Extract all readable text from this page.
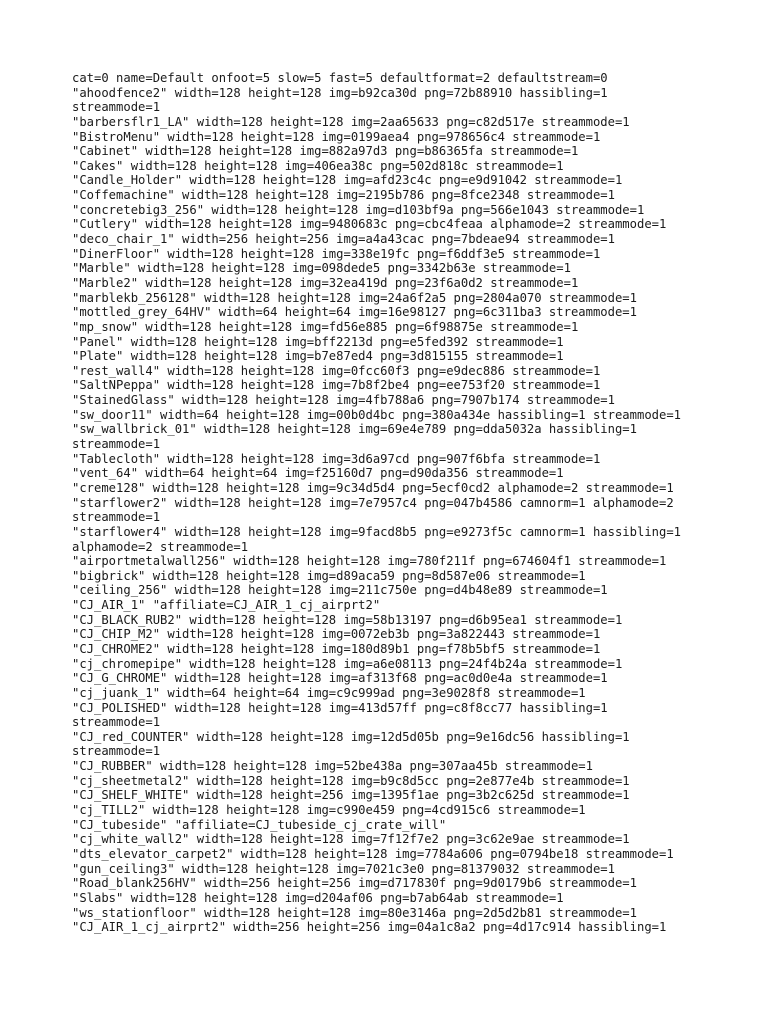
cat=0 name=Default onfoot=5 slow=5 fast=5 defaultformat=2 defaultstream=0
"ahoodfence2" width=128 height=128 img=b92ca30d png=72b88910 hassibling=1
streammode=1
"barbersflr1_LA" width=128 height=128 img=2aa65633 png=c82d517e streammode=1
"BistroMenu" width=128 height=128 img=0199aea4 png=978656c4 streammode=1
"Cabinet" width=128 height=128 img=882a97d3 png=b86365fa streammode=1
"Cakes" width=128 height=128 img=406ea38c png=502d818c streammode=1
"Candle_Holder" width=128 height=128 img=afd23c4c png=e9d91042 streammode=1
"Coffemachine" width=128 height=128 img=2195b786 png=8fce2348 streammode=1
"concretebig3_256" width=128 height=128 img=d103bf9a png=566e1043 streammode=1
"Cutlery" width=128 height=128 img=9480683c png=cbc4feaa alphamode=2 streammode=1
"deco_chair_1" width=256 height=256 img=a4a43cac png=7bdeae94 streammode=1
"DinerFloor" width=128 height=128 img=338e19fc png=f6ddf3e5 streammode=1
"Marble" width=128 height=128 img=098dede5 png=3342b63e streammode=1
"Marble2" width=128 height=128 img=32ea419d png=23f6a0d2 streammode=1
"marblekb_256128" width=128 height=128 img=24a6f2a5 png=2804a070 streammode=1
"mottled_grey_64HV" width=64 height=64 img=16e98127 png=6c311ba3 streammode=1
"mp_snow" width=128 height=128 img=fd56e885 png=6f98875e streammode=1
"Panel" width=128 height=128 img=bff2213d png=e5fed392 streammode=1
"Plate" width=128 height=128 img=b7e87ed4 png=3d815155 streammode=1
"rest_wall4" width=128 height=128 img=0fcc60f3 png=e9dec886 streammode=1
"SaltNPeppa" width=128 height=128 img=7b8f2be4 png=ee753f20 streammode=1
"StainedGlass" width=128 height=128 img=4fb788a6 png=7907b174 streammode=1
"sw_door11" width=64 height=128 img=00b0d4bc png=380a434e hassibling=1 streammode=1
"sw_wallbrick_01" width=128 height=128 img=69e4e789 png=dda5032a hassibling=1
streammode=1
"Tablecloth" width=128 height=128 img=3d6a97cd png=907f6bfa streammode=1
"vent_64" width=64 height=64 img=f25160d7 png=d90da356 streammode=1
"creme128" width=128 height=128 img=9c34d5d4 png=5ecf0cd2 alphamode=2 streammode=1
"starflower2" width=128 height=128 img=7e7957c4 png=047b4586 camnorm=1 alphamode=2
streammode=1
"starflower4" width=128 height=128 img=9facd8b5 png=e9273f5c camnorm=1 hassibling=1
alphamode=2 streammode=1
"airportmetalwall256" width=128 height=128 img=780f211f png=674604f1 streammode=1
"bigbrick" width=128 height=128 img=d89aca59 png=8d587e06 streammode=1
"ceiling_256" width=128 height=128 img=211c750e png=d4b48e89 streammode=1
"CJ_AIR_1" "affiliate=CJ_AIR_1_cj_airprt2"
"CJ_BLACK_RUB2" width=128 height=128 img=58b13197 png=d6b95ea1 streammode=1
"CJ_CHIP_M2" width=128 height=128 img=0072eb3b png=3a822443 streammode=1
"CJ_CHROME2" width=128 height=128 img=180d89b1 png=f78b5bf5 streammode=1
"cj_chromepipe" width=128 height=128 img=a6e08113 png=24f4b24a streammode=1
"CJ_G_CHROME" width=128 height=128 img=af313f68 png=ac0d0e4a streammode=1
"cj_juank_1" width=64 height=64 img=c9c999ad png=3e9028f8 streammode=1
"CJ_POLISHED" width=128 height=128 img=413d57ff png=c8f8cc77 hassibling=1
streammode=1
"CJ_red_COUNTER" width=128 height=128 img=12d5d05b png=9e16dc56 hassibling=1
streammode=1
"CJ_RUBBER" width=128 height=128 img=52be438a png=307aa45b streammode=1
"cj_sheetmetal2" width=128 height=128 img=b9c8d5cc png=2e877e4b streammode=1
"CJ_SHELF_WHITE" width=128 height=256 img=1395f1ae png=3b2c625d streammode=1
"cj_TILL2" width=128 height=128 img=c990e459 png=4cd915c6 streammode=1
"CJ_tubeside" "affiliate=CJ_tubeside_cj_crate_will"
"cj_white_wall2" width=128 height=128 img=7f12f7e2 png=3c62e9ae streammode=1
"dts_elevator_carpet2" width=128 height=128 img=7784a606 png=0794be18 streammode=1
"gun_ceiling3" width=128 height=128 img=7021c3e0 png=81379032 streammode=1
"Road_blank256HV" width=256 height=256 img=d717830f png=9d0179b6 streammode=1
"Slabs" width=128 height=128 img=d204af06 png=b7ab64ab streammode=1
"ws_stationfloor" width=128 height=128 img=80e3146a png=2d5d2b81 streammode=1
"CJ_AIR_1_cj_airprt2" width=256 height=256 img=04a1c8a2 png=4d17c914 hassibling=1
